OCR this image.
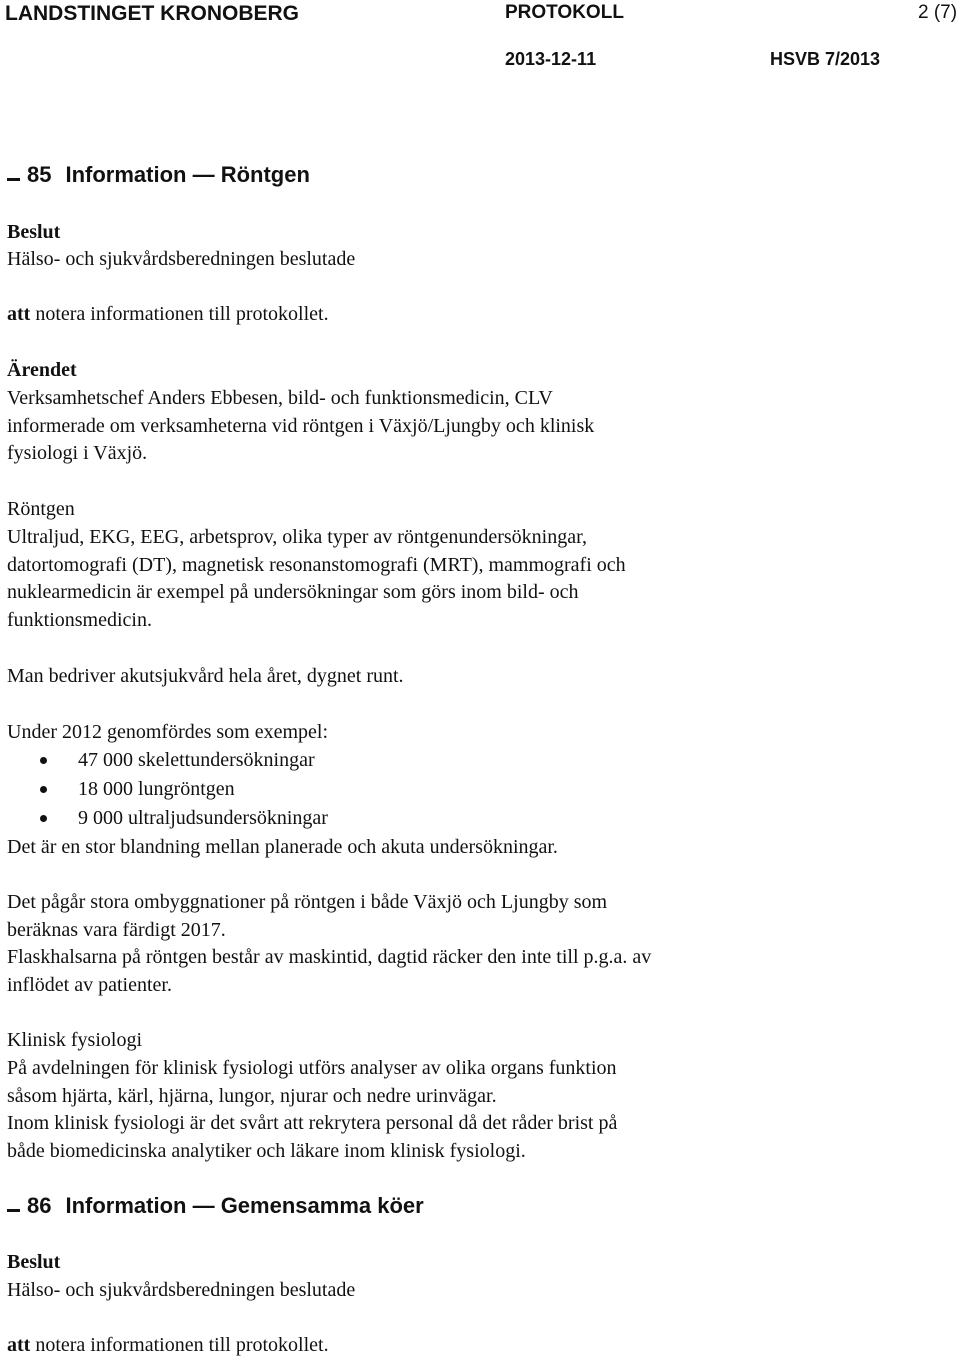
LANDSTINGET KRONOBERG	PROTOKOLL	2 (7)
2013-12-11	HSVB 7/2013
85 Information — Röntgen
Beslut
Hälso- och sjukvårdsberedningen beslutade
att notera informationen till protokollet.
Ärendet
Verksamhetschef Anders Ebbesen, bild- och funktionsmedicin, CLV
informerade om verksamheterna vid röntgen i Växjö/Ljungby och klinisk
fysiologi i Växjö.
Röntgen
Ultraljud, EKG, EEG, arbetsprov, olika typer av röntgenundersökningar,
datortomografi (DT), magnetisk resonanstomografi (MRT), mammografi och
nuklearmedicin är exempel på undersökningar som görs inom bild- och
funktionsmedicin.
Man bedriver akutsjukvård hela året, dygnet runt.
Under 2012 genomfördes som exempel:
47 000 skelettundersökningar
18 000 lungröntgen
9 000 ultraljudsundersökningar
Det är en stor blandning mellan planerade och akuta undersökningar.
Det pågår stora ombyggnationer på röntgen i både Växjö och Ljungby som
beräknas vara färdigt 2017.
Flaskhalsarna på röntgen består av maskintid, dagtid räcker den inte till p.g.a. av
inflödet av patienter.
Klinisk fysiologi
På avdelningen för klinisk fysiologi utförs analyser av olika organs funktion
såsom hjärta, kärl, hjärna, lungor, njurar och nedre urinvägar.
Inom klinisk fysiologi är det svårt att rekrytera personal då det råder brist på
både biomedicinska analytiker och läkare inom klinisk fysiologi.
86 Information — Gemensamma köer
Beslut
Hälso- och sjukvårdsberedningen beslutade
att notera informationen till protokollet.
